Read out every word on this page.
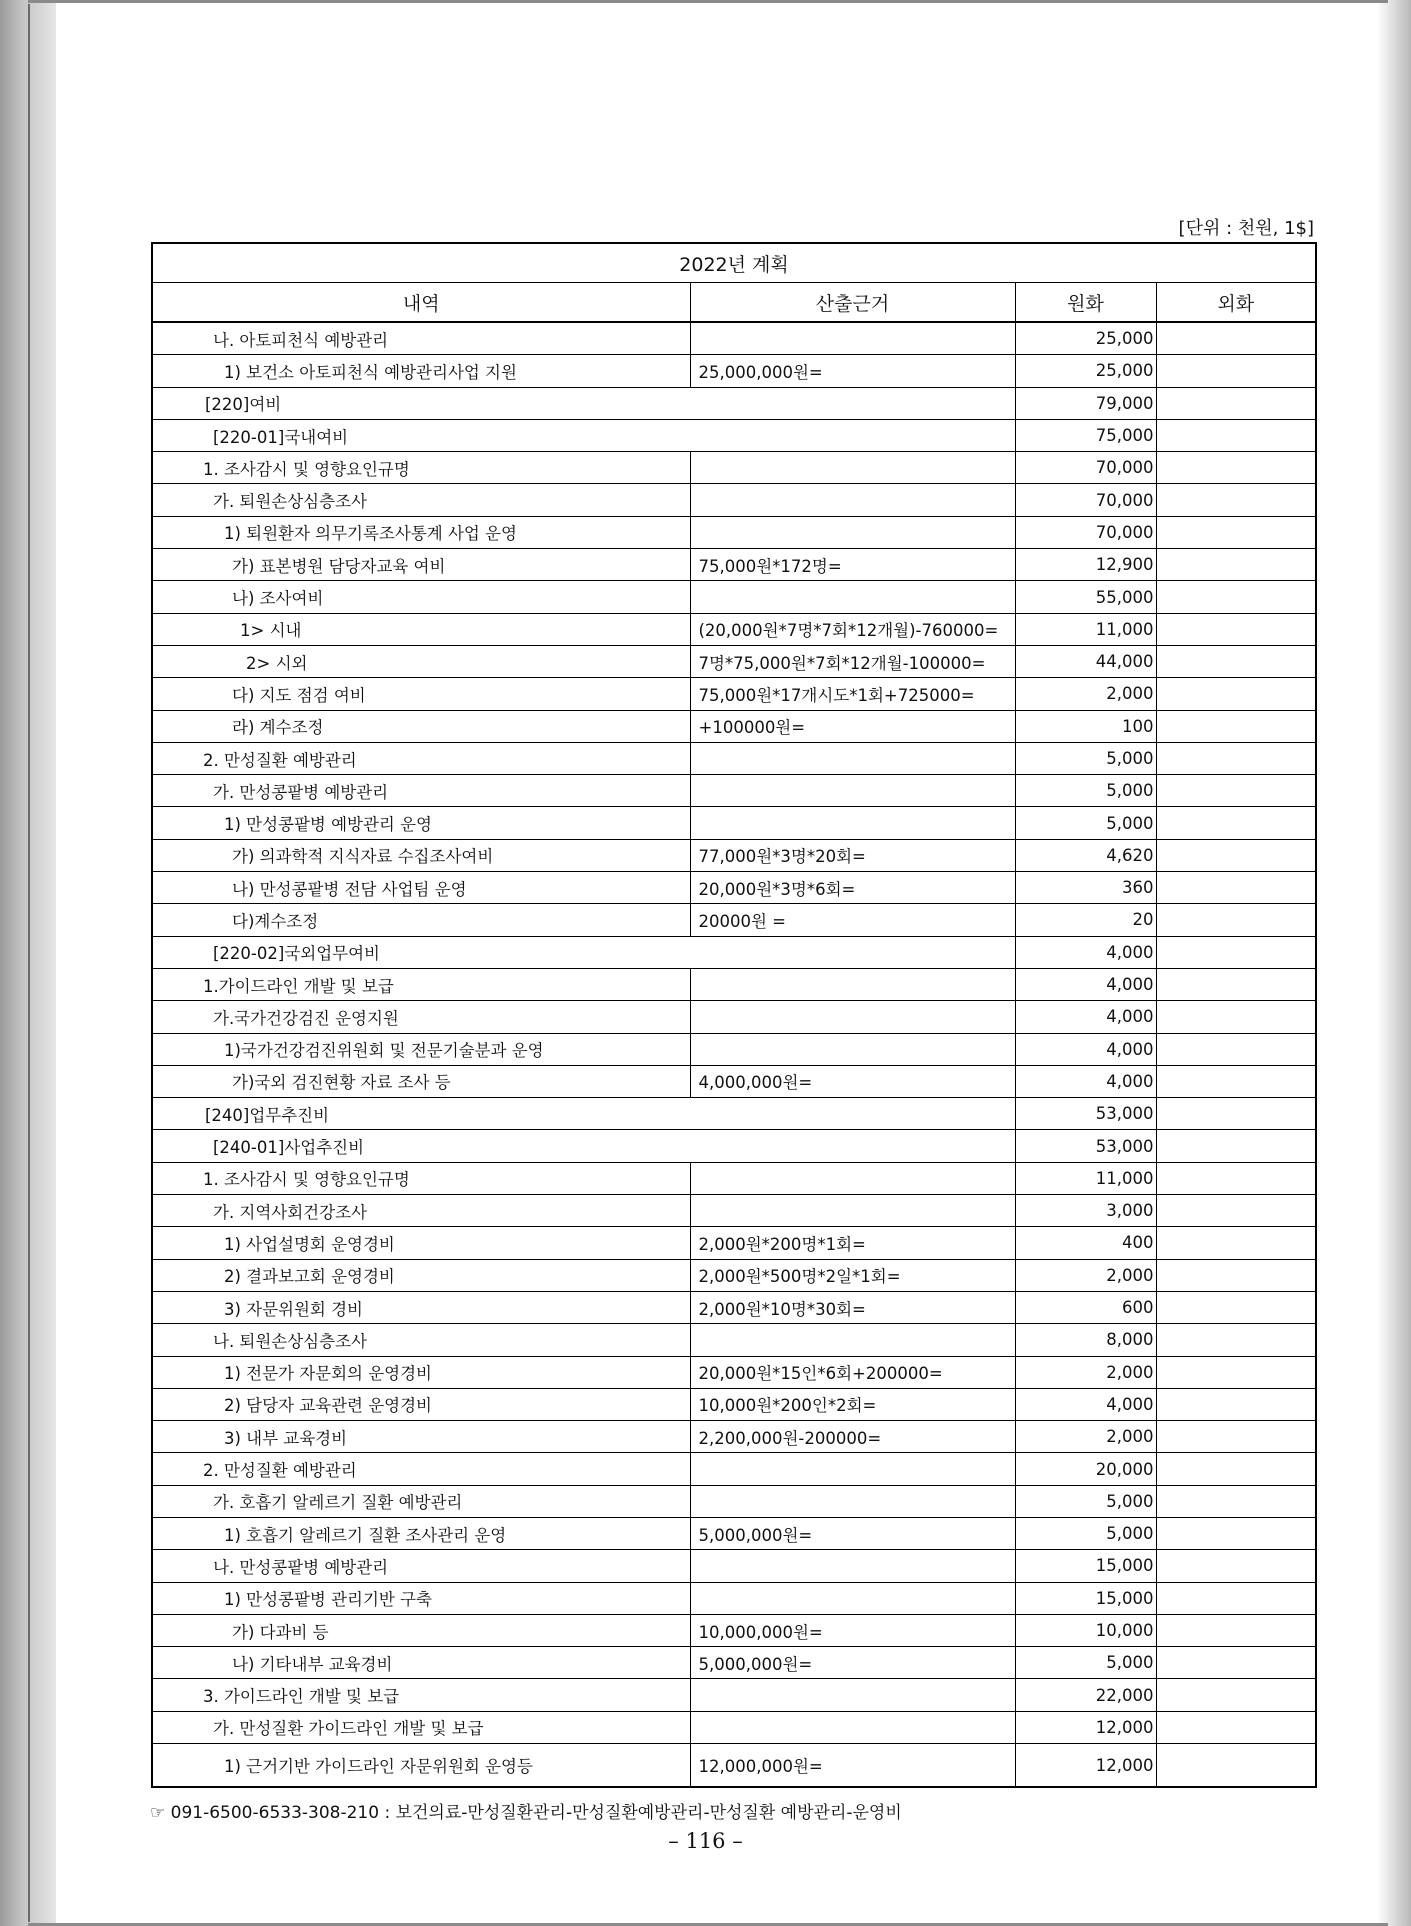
[단위 : 천원, 1$]
2022년 계획			
내역	산출근거	원화	외화
나. 아토피천식 예방관리		25,000	
1) 보건소 아토피천식 예방관리사업 지원	25,000,000원=	25,000	
[220]여비		79,000	
[220-01]국내여비		75,000	
1. 조사감시 및 영향요인규명		70,000	
가. 퇴원손상심층조사		70,000	
1) 퇴원환자 의무기록조사통계 사업 운영		70,000	
가) 표본병원 담당자교육 여비	75,000원*172명=	12,900	
나) 조사여비		55,000	
1> 시내	(20,000원*7명*7회*12개월)-760000=	11,000	
2> 시외	7명*75,000원*7회*12개월-100000=	44,000	
다) 지도 점검 여비	75,000원*17개시도*1회+725000=	2,000	
라) 계수조정	+100000원=	100	
2. 만성질환 예방관리		5,000	
가. 만성콩팥병 예방관리		5,000	
1) 만성콩팥병 예방관리 운영		5,000	
가) 의과학적 지식자료 수집조사여비	77,000원*3명*20회=	4,620	
나) 만성콩팥병 전담 사업팀 운영	20,000원*3명*6회=	360	
다)계수조정	20000원 =	20	
[220-02]국외업무여비		4,000	
1.가이드라인 개발 및 보급		4,000	
가.국가건강검진 운영지원		4,000	
1)국가건강검진위원회 및 전문기술분과 운영		4,000	
가)국외 검진현황 자료 조사 등	4,000,000원=	4,000	
[240]업무추진비		53,000	
[240-01]사업추진비		53,000	
1. 조사감시 및 영향요인규명		11,000	
가. 지역사회건강조사		3,000	
1) 사업설명회 운영경비	2,000원*200명*1회=	400	
2) 결과보고회 운영경비	2,000원*500명*2일*1회=	2,000	
3) 자문위원회 경비	2,000원*10명*30회=	600	
나. 퇴원손상심층조사		8,000	
1) 전문가 자문회의 운영경비	20,000원*15인*6회+200000=	2,000	
2) 담당자 교육관련 운영경비	10,000원*200인*2회=	4,000	
3) 내부 교육경비	2,200,000원-200000=	2,000	
2. 만성질환 예방관리		20,000	
가. 호흡기 알레르기 질환 예방관리		5,000	
1) 호흡기 알레르기 질환 조사관리 운영	5,000,000원=	5,000	
나. 만성콩팥병 예방관리		15,000	
1) 만성콩팥병 관리기반 구축		15,000	
가) 다과비 등	10,000,000원=	10,000	
나) 기타내부 교육경비	5,000,000원=	5,000	
3. 가이드라인 개발 및 보급		22,000	
가. 만성질환 가이드라인 개발 및 보급		12,000	
1) 근거기반 가이드라인 자문위원회 운영등	12,000,000원=	12,000	
☞ 091-6500-6533-308-210 : 보건의료-만성질환관리-만성질환예방관리-만성질환 예방관리-운영비
– 116 –
